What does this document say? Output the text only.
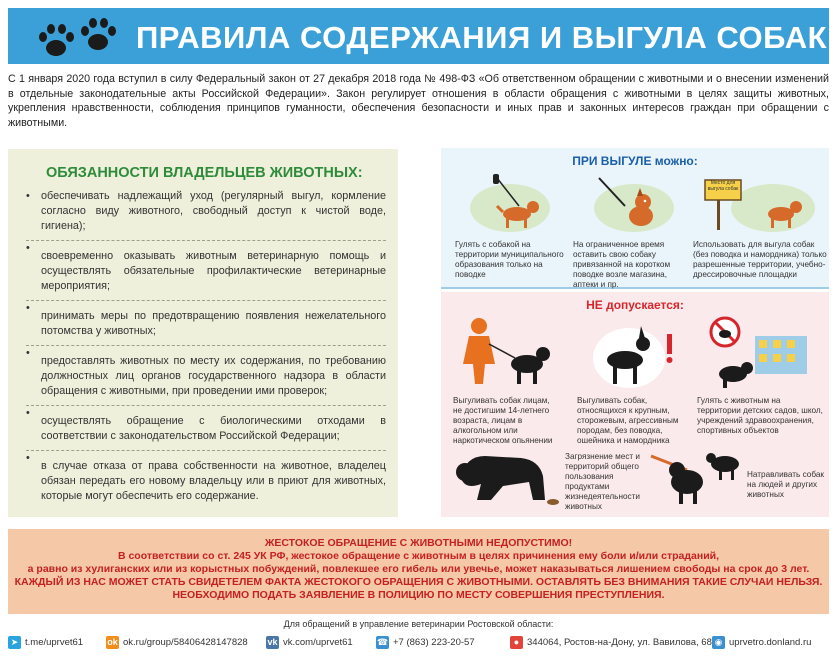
ПРАВИЛА СОДЕРЖАНИЯ И ВЫГУЛА СОБАК

С 1 января 2020 года вступил в силу Федеральный закон от 27 декабря 2018 года № 498-ФЗ «Об ответственном обращении с животными и о внесении изменений в отдельные законодательные акты Российской Федерации». Закон регулирует отношения в области обращения с животными в целях защиты животных, укрепления нравственности, соблюдения принципов гуманности, обеспечения безопасности и иных прав и законных интересов граждан при обращении с животными.

ОБЯЗАННОСТИ ВЛАДЕЛЬЦЕВ ЖИВОТНЫХ:
• обеспечивать надлежащий уход (регулярный выгул, кормление согласно виду животного, свободный доступ к чистой воде, гигиена);
• своевременно оказывать животным ветеринарную помощь и осуществлять обязательные профилактические ветеринарные мероприятия;
• принимать меры по предотвращению появления нежелательного потомства у животных;
• предоставлять животных по месту их содержания, по требованию должностных лиц органов государственного надзора в области обращения с животными, при проведении ими проверок;
• осуществлять обращение с биологическими отходами в соответствии с законодательством Российской Федерации;
• в случае отказа от права собственности на животное, владелец обязан передать его новому владельцу или в приют для животных, которые могут обеспечить его содержание.
ПРИ ВЫГУЛЕ можно:
Гулять с собакой на территории муниципального образования только на поводке
На ограниченное время оставить свою собаку привязанной на коротком поводке возле магазина, аптеки и пр.
Место для выгула собак
Использовать для выгула собак (без поводка и намордника) только разрешенные территории, учебно-дрессировочные площадки
НЕ допускается:
Выгуливать собак лицам, не достигшим 14-летнего возраста, лицам в алкогольном или наркотическом опьянении
Выгуливать собак, относящихся к крупным, сторожевым, агрессивным породам, без поводка, ошейника и намордника
Гулять с животным на территории детских садов, школ, учреждений здравоохранения, спортивных объектов
Загрязнение мест и территорий общего пользования продуктами жизнедеятельности животных
Натравливать собак на людей и других животных
ЖЕСТОКОЕ ОБРАЩЕНИЕ С ЖИВОТНЫМИ НЕДОПУСТИМО!
В соответствии со ст. 245 УК РФ, жестокое обращение с животным в целях причинения ему боли и/или страданий,
а равно из хулиганских или из корыстных побуждений, повлекшее его гибель или увечье, может наказываться лишением свободы на срок до 3 лет.
КАЖДЫЙ ИЗ НАС МОЖЕТ СТАТЬ СВИДЕТЕЛЕМ ФАКТА ЖЕСТОКОГО ОБРАЩЕНИЯ С ЖИВОТНЫМИ. ОСТАВЛЯТЬ БЕЗ ВНИМАНИЯ ТАКИЕ СЛУЧАИ НЕЛЬЗЯ.
НЕОБХОДИМО ПОДАТЬ ЗАЯВЛЕНИЕ В ПОЛИЦИЮ ПО МЕСТУ СОВЕРШЕНИЯ ПРЕСТУПЛЕНИЯ.
Для обращений в управление ветеринарии Ростовской области:
➤ t.me/uprvet61	ok ok.ru/group/58406428147828 vk vk.com/uprvet61	☎ +7 (863) 223-20-57	● 344064, Ростов-на-Дону, ул. Вавилова, 68 ◉ uprvetro.donland.ru
